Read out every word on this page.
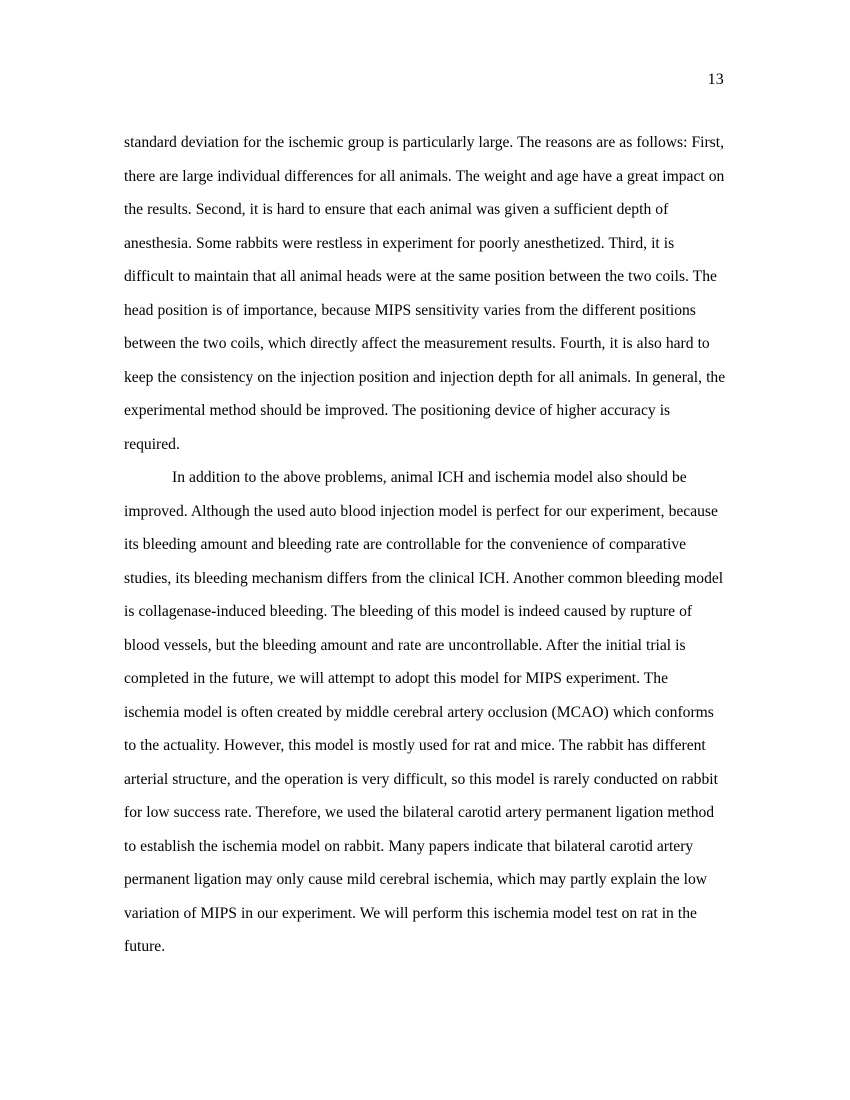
13

standard deviation for the ischemic group is particularly large. The reasons are as follows: First, there are large individual differences for all animals. The weight and age have a great impact on the results. Second, it is hard to ensure that each animal was given a sufficient depth of anesthesia. Some rabbits were restless in experiment for poorly anesthetized. Third, it is difficult to maintain that all animal heads were at the same position between the two coils. The head position is of importance, because MIPS sensitivity varies from the different positions between the two coils, which directly affect the measurement results. Fourth, it is also hard to keep the consistency on the injection position and injection depth for all animals. In general, the experimental method should be improved. The positioning device of higher accuracy is required.

In addition to the above problems, animal ICH and ischemia model also should be improved. Although the used auto blood injection model is perfect for our experiment, because its bleeding amount and bleeding rate are controllable for the convenience of comparative studies, its bleeding mechanism differs from the clinical ICH. Another common bleeding model is collagenase-induced bleeding. The bleeding of this model is indeed caused by rupture of blood vessels, but the bleeding amount and rate are uncontrollable. After the initial trial is completed in the future, we will attempt to adopt this model for MIPS experiment. The ischemia model is often created by middle cerebral artery occlusion (MCAO) which conforms to the actuality. However, this model is mostly used for rat and mice. The rabbit has different arterial structure, and the operation is very difficult, so this model is rarely conducted on rabbit for low success rate. Therefore, we used the bilateral carotid artery permanent ligation method to establish the ischemia model on rabbit. Many papers indicate that bilateral carotid artery permanent ligation may only cause mild cerebral ischemia, which may partly explain the low variation of MIPS in our experiment. We will perform this ischemia model test on rat in the future.
